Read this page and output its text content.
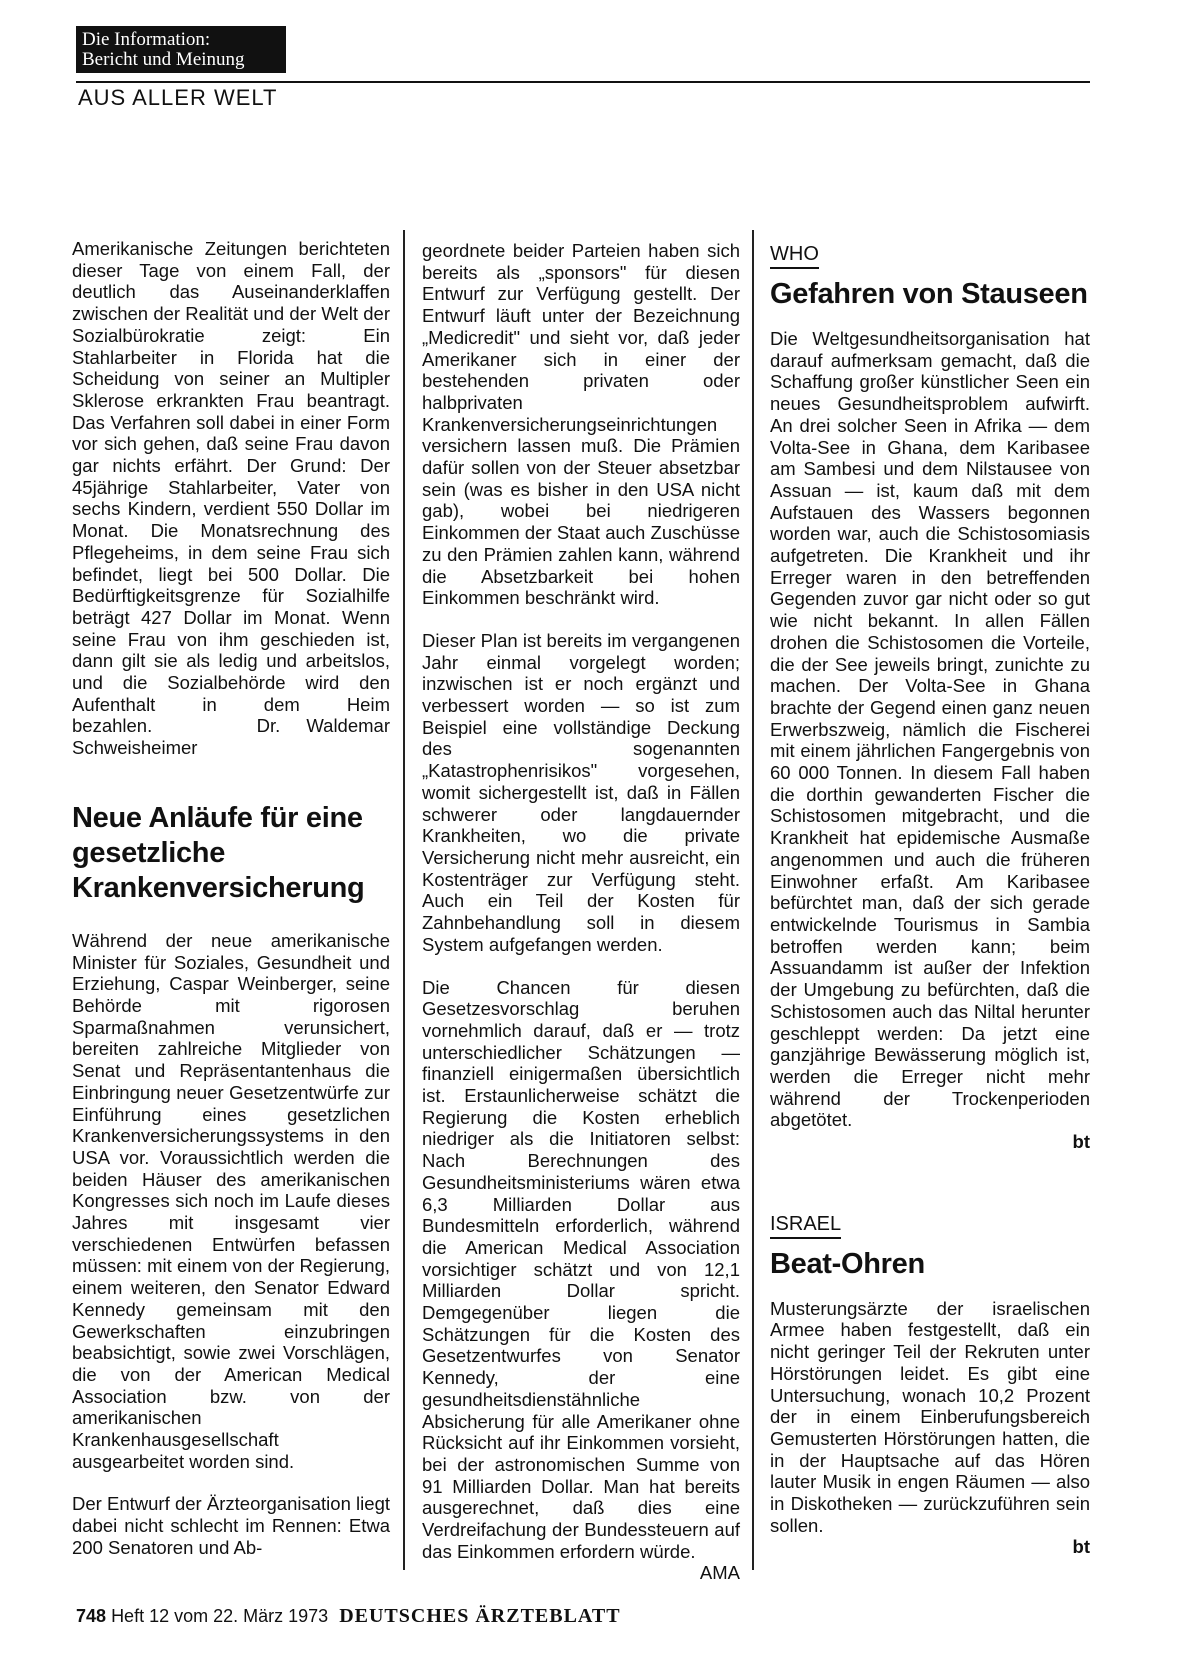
Die Information:
Bericht und Meinung
AUS ALLER WELT

Amerikanische Zeitungen berichteten dieser Tage von einem Fall, der deutlich das Auseinanderklaffen zwischen der Realität und der Welt der Sozialbürokratie zeigt: Ein Stahlarbeiter in Florida hat die Scheidung von seiner an Multipler Sklerose erkrankten Frau beantragt. Das Verfahren soll dabei in einer Form vor sich gehen, daß seine Frau davon gar nichts erfährt. Der Grund: Der 45jährige Stahlarbeiter, Vater von sechs Kindern, verdient 550 Dollar im Monat. Die Monatsrechnung des Pflegeheims, in dem seine Frau sich befindet, liegt bei 500 Dollar. Die Bedürftigkeitsgrenze für Sozialhilfe beträgt 427 Dollar im Monat. Wenn seine Frau von ihm geschieden ist, dann gilt sie als ledig und arbeitslos, und die Sozialbehörde wird den Aufenthalt in dem Heim bezahlen.	Dr. Waldemar Schweisheimer

Neue Anläufe für eine gesetzliche Krankenversicherung

Während der neue amerikanische Minister für Soziales, Gesundheit und Erziehung, Caspar Weinberger, seine Behörde mit rigorosen Sparmaßnahmen verunsichert, bereiten zahlreiche Mitglieder von Senat und Repräsentantenhaus die Einbringung neuer Gesetzentwürfe zur Einführung eines gesetzlichen Krankenversicherungssystems in den USA vor. Voraussichtlich werden die beiden Häuser des amerikanischen Kongresses sich noch im Laufe dieses Jahres mit insgesamt vier verschiedenen Entwürfen befassen müssen: mit einem von der Regierung, einem weiteren, den Senator Edward Kennedy gemeinsam mit den Gewerkschaften einzubringen beabsichtigt, sowie zwei Vorschlägen, die von der American Medical Association bzw. von der amerikanischen Krankenhausgesellschaft ausgearbeitet worden sind.

Der Entwurf der Ärzteorganisation liegt dabei nicht schlecht im Rennen: Etwa 200 Senatoren und Ab-

geordnete beider Parteien haben sich bereits als „sponsors" für diesen Entwurf zur Verfügung gestellt. Der Entwurf läuft unter der Bezeichnung „Medicredit" und sieht vor, daß jeder Amerikaner sich in einer der bestehenden privaten oder halbprivaten Krankenversicherungseinrichtungen versichern lassen muß. Die Prämien dafür sollen von der Steuer absetzbar sein (was es bisher in den USA nicht gab), wobei bei niedrigeren Einkommen der Staat auch Zuschüsse zu den Prämien zahlen kann, während die Absetzbarkeit bei hohen Einkommen beschränkt wird.

Dieser Plan ist bereits im vergangenen Jahr einmal vorgelegt worden; inzwischen ist er noch ergänzt und verbessert worden — so ist zum Beispiel eine vollständige Deckung des sogenannten „Katastrophenrisikos" vorgesehen, womit sichergestellt ist, daß in Fällen schwerer oder langdauernder Krankheiten, wo die private Versicherung nicht mehr ausreicht, ein Kostenträger zur Verfügung steht. Auch ein Teil der Kosten für Zahnbehandlung soll in diesem System aufgefangen werden.

Die Chancen für diesen Gesetzesvorschlag beruhen vornehmlich darauf, daß er — trotz unterschiedlicher Schätzungen — finanziell einigermaßen übersichtlich ist. Erstaunlicherweise schätzt die Regierung die Kosten erheblich niedriger als die Initiatoren selbst: Nach Berechnungen des Gesundheitsministeriums wären etwa 6,3 Milliarden Dollar aus Bundesmitteln erforderlich, während die American Medical Association vorsichtiger schätzt und von 12,1 Milliarden Dollar spricht. Demgegenüber liegen die Schätzungen für die Kosten des Gesetzentwurfes von Senator Kennedy, der eine gesundheitsdienstähnliche Absicherung für alle Amerikaner ohne Rücksicht auf ihr Einkommen vorsieht, bei der astronomischen Summe von 91 Milliarden Dollar. Man hat bereits ausgerechnet, daß dies eine Verdreifachung der Bundessteuern auf das Einkommen erfordern würde.
AMA

WHO
Gefahren von Stauseen

Die Weltgesundheitsorganisation hat darauf aufmerksam gemacht, daß die Schaffung großer künstlicher Seen ein neues Gesundheitsproblem aufwirft. An drei solcher Seen in Afrika — dem Volta-See in Ghana, dem Karibasee am Sambesi und dem Nilstausee von Assuan — ist, kaum daß mit dem Aufstauen des Wassers begonnen worden war, auch die Schistosomiasis aufgetreten. Die Krankheit und ihr Erreger waren in den betreffenden Gegenden zuvor gar nicht oder so gut wie nicht bekannt. In allen Fällen drohen die Schistosomen die Vorteile, die der See jeweils bringt, zunichte zu machen. Der Volta-See in Ghana brachte der Gegend einen ganz neuen Erwerbszweig, nämlich die Fischerei mit einem jährlichen Fangergebnis von 60 000 Tonnen. In diesem Fall haben die dorthin gewanderten Fischer die Schistosomen mitgebracht, und die Krankheit hat epidemische Ausmaße angenommen und auch die früheren Einwohner erfaßt. Am Karibasee befürchtet man, daß der sich gerade entwickelnde Tourismus in Sambia betroffen werden kann; beim Assuandamm ist außer der Infektion der Umgebung zu befürchten, daß die Schistosomen auch das Niltal herunter geschleppt werden: Da jetzt eine ganzjährige Bewässerung möglich ist, werden die Erreger nicht mehr während der Trockenperioden abgetötet.
bt

ISRAEL
Beat-Ohren

Musterungsärzte der israelischen Armee haben festgestellt, daß ein nicht geringer Teil der Rekruten unter Hörstörungen leidet. Es gibt eine Untersuchung, wonach 10,2 Prozent der in einem Einberufungsbereich Gemusterten Hörstörungen hatten, die in der Hauptsache auf das Hören lauter Musik in engen Räumen — also in Diskotheken — zurückzuführen sein sollen.
bt

748 Heft 12 vom 22. März 1973 DEUTSCHES ÄRZTEBLATT
